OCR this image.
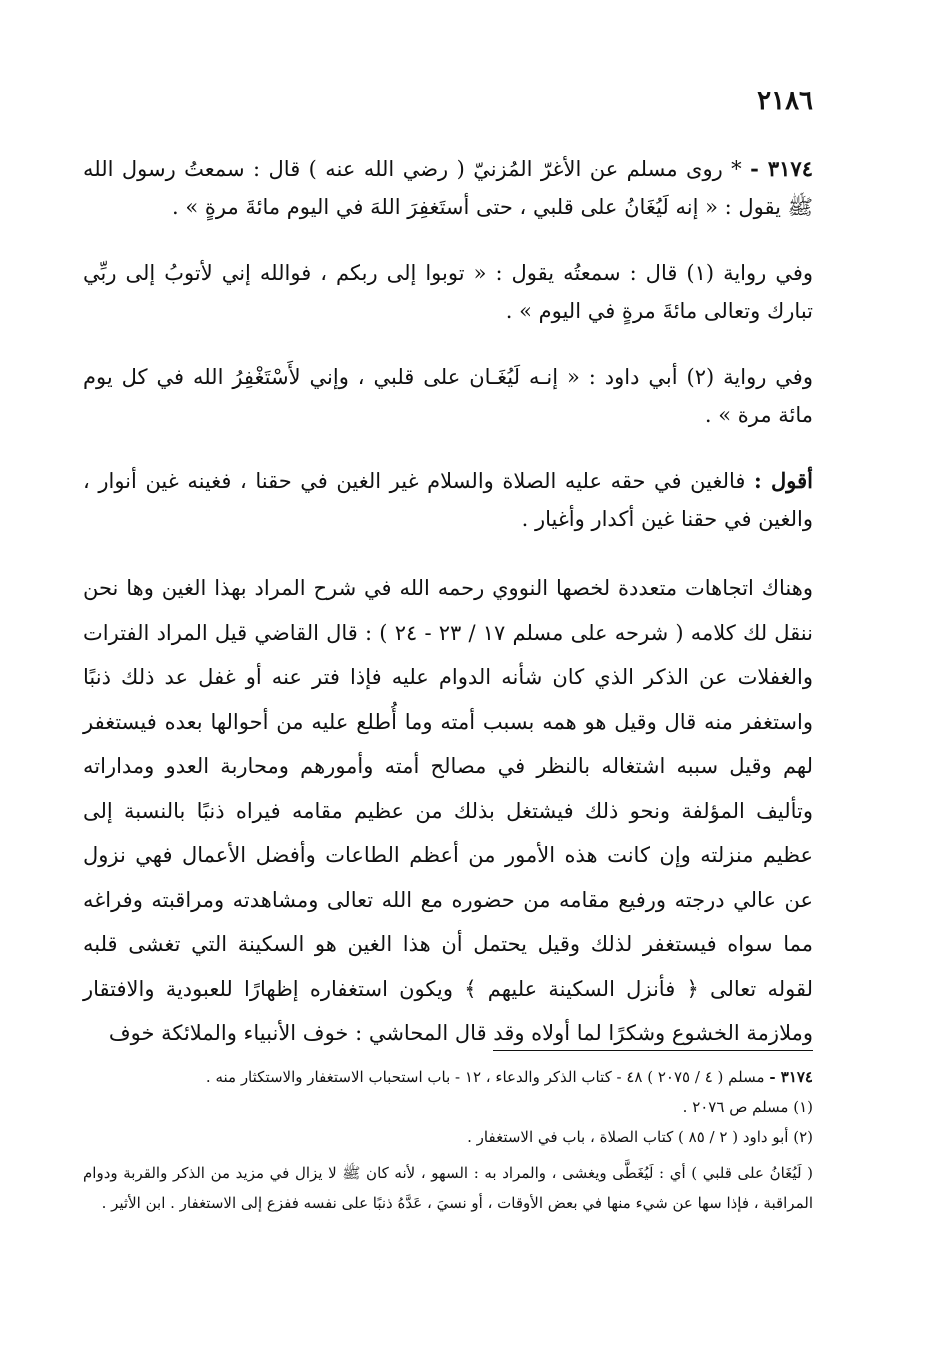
٢١٨٦

٣١٧٤ - * روى مسلم عن الأغرّ المُزنيّ ( رضي الله عنه ) قال : سمعتُ رسول الله ﷺ يقول : « إنه لَيُغَانُ على قلبي ، حتى أستَغفِرَ اللهَ في اليوم مائةَ مرةٍ » .

وفي رواية (١) قال : سمعتُه يقول : « توبوا إلى ربكم ، فوالله إني لأتوبُ إلى ربِّي تبارك وتعالى مائةَ مرةٍ في اليوم » .

وفي رواية (٢) أبي داود : « إنـه لَيُغَـان على قلبي ، وإني لأَسْتَغْفِرُ الله في كل يوم مائة مرة » .

أقول : فالغين في حقه عليه الصلاة والسلام غير الغين في حقنا ، فغينه غين أنوار ، والغين في حقنا غين أكدار وأغيار .

وهناك اتجاهات متعددة لخصها النووي رحمه الله في شرح المراد بهذا الغين وها نحن ننقل لك كلامه ( شرحه على مسلم ١٧ / ٢٣ - ٢٤ ) : قال القاضي قيل المراد الفترات والغفلات عن الذكر الذي كان شأنه الدوام عليه فإذا فتر عنه أو غفل عد ذلك ذنبًا واستغفر منه قال وقيل هو همه بسبب أمته وما أُطلع عليه من أحوالها بعده فيستغفر لهم وقيل سببه اشتغاله بالنظر في مصالح أمته وأمورهم ومحاربة العدو ومداراته وتأليف المؤلفة ونحو ذلك فيشتغل بذلك من عظيم مقامه فيراه ذنبًا بالنسبة إلى عظيم منزلته وإن كانت هذه الأمور من أعظم الطاعات وأفضل الأعمال فهي نزول عن عالي درجته ورفيع مقامه من حضوره مع الله تعالى ومشاهدته ومراقبته وفراغه مما سواه فيستغفر لذلك وقيل يحتمل أن هذا الغين هو السكينة التي تغشى قلبه لقوله تعالى ﴿ فأنزل السكينة عليهم ﴾ ويكون استغفاره إظهارًا للعبودية والافتقار وملازمة الخشوع وشكرًا لما أولاه وقد قال المحاشي : خوف الأنبياء والملائكة خوف

٣١٧٤ - مسلم ( ٤ / ٢٠٧٥ ) ٤٨ - كتاب الذكر والدعاء ، ١٢ - باب استحباب الاستغفار والاستكثار منه .

(١) مسلم ص ٢٠٧٦ .

(٢) أبو داود ( ٢ / ٨٥ ) كتاب الصلاة ، باب في الاستغفار .

( لَيُغَانُ على قلبي ) أي : لَيُغَطَّى ويغشى ، والمراد به : السهو ، لأنه كان ﷺ لا يزال في مزيد من الذكر والقربة ودوام المراقبة ، فإذا سها عن شيء منها في بعض الأوقات ، أو نسيَ ، عَدَّهُ ذنبًا على نفسه ففزع إلى الاستغفار . ابن الأثير .
